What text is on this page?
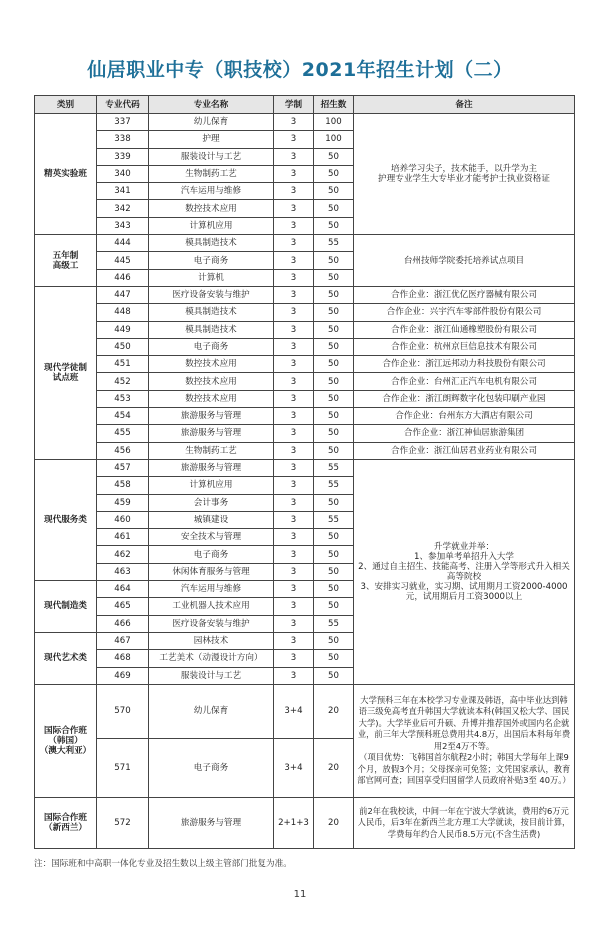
仙居职业中专（职技校）2021年招生计划（二）
类别	专业代码	专业名称	学制	招生数	备注
精英实验班	337	幼儿保育	3	100	培养学习尖子，技术能手，以升学为主
护理专业学生大专毕业才能考护士执业资格证

	338	护理	3	100	
	339	服装设计与工艺	3	50	
	340	生物制药工艺	3	50	
	341	汽车运用与维修	3	50	
	342	数控技术应用	3	50	
	343	计算机应用	3	50	

五年制
高级工	444	模具制造技术	3	55	台州技师学院委托培养试点项目
	445	电子商务	3	50	
	446	计算机	3	50	

现代学徒制
试点班	447	医疗设备安装与维护	3	50	合作企业：浙江优亿医疗器械有限公司
	448	模具制造技术	3	50	合作企业：兴宇汽车零部件股份有限公司
	449	模具制造技术	3	50	合作企业：浙江仙通橡塑股份有限公司
	450	电子商务	3	50	合作企业：杭州京巨信息技术有限公司
	451	数控技术应用	3	50	合作企业：浙江远邦动力科技股份有限公司
	452	数控技术应用	3	50	合作企业：台州汇正汽车电机有限公司
	453	数控技术应用	3	50	合作企业：浙江朗辉数字化包装印刷产业园
	454	旅游服务与管理	3	50	合作企业：台州东方大酒店有限公司
	455	旅游服务与管理	3	50	合作企业：浙江神仙居旅游集团
	456	生物制药工艺	3	50	合作企业：浙江仙居君业药业有限公司
现代服务类	457	旅游服务与管理	3	55	升学就业并举：
1、参加单考单招升入大学
2、通过自主招生、技能高考、注册入学等形式升入相关高等院校
3、安排实习就业，实习期、试用期月工资2000-4000元，试用期后月工资3000以上

	458	计算机应用	3	55	
	459	会计事务	3	50	
	460	城镇建设	3	55	
	461	安全技术与管理	3	50	
	462	电子商务	3	50	
	463	休闲体育服务与管理	3	50	
现代制造类	464	汽车运用与维修	3	50	
	465	工业机器人技术应用	3	50	
	466	医疗设备安装与维护	3	55	
现代艺术类	467	园林技术	3	50	
	468	工艺美术（动漫设计方向）	3	50	
	469	服装设计与工艺	3	50	

国际合作班
（韩国）
（澳大利亚）	570	幼儿保育	3+4	20	大学预科三年在本校学习专业课及韩语，高中毕业达到韩语三级免高考直升韩国大学就读本科(韩国又松大学、国民大学)。大学毕业后可升硕、升博并推荐国外或国内名企就业，前三年大学预科班总费用共4.8万，出国后本科每年费用2至4万不等。
（项目优势：飞韩国首尔航程2小时；韩国大学每年上课9个月，放假3个月；父母探亲可免签；文凭国家承认，教育部官网可查；回国享受归国留学人员政府补贴3至 40万。）

	571	电子商务	3+4	20	

国际合作班
（新西兰）	572	旅游服务与管理	2+1+3	20	前2年在我校读，中间一年在宁波大学就读，费用约6万元人民币，后3年在新西兰北方理工大学就读，按目前计算，学费每年约合人民币8.5万元(不含生活费)
注：国际班和中高职一体化专业及招生数以上级主管部门批复为准。
11
